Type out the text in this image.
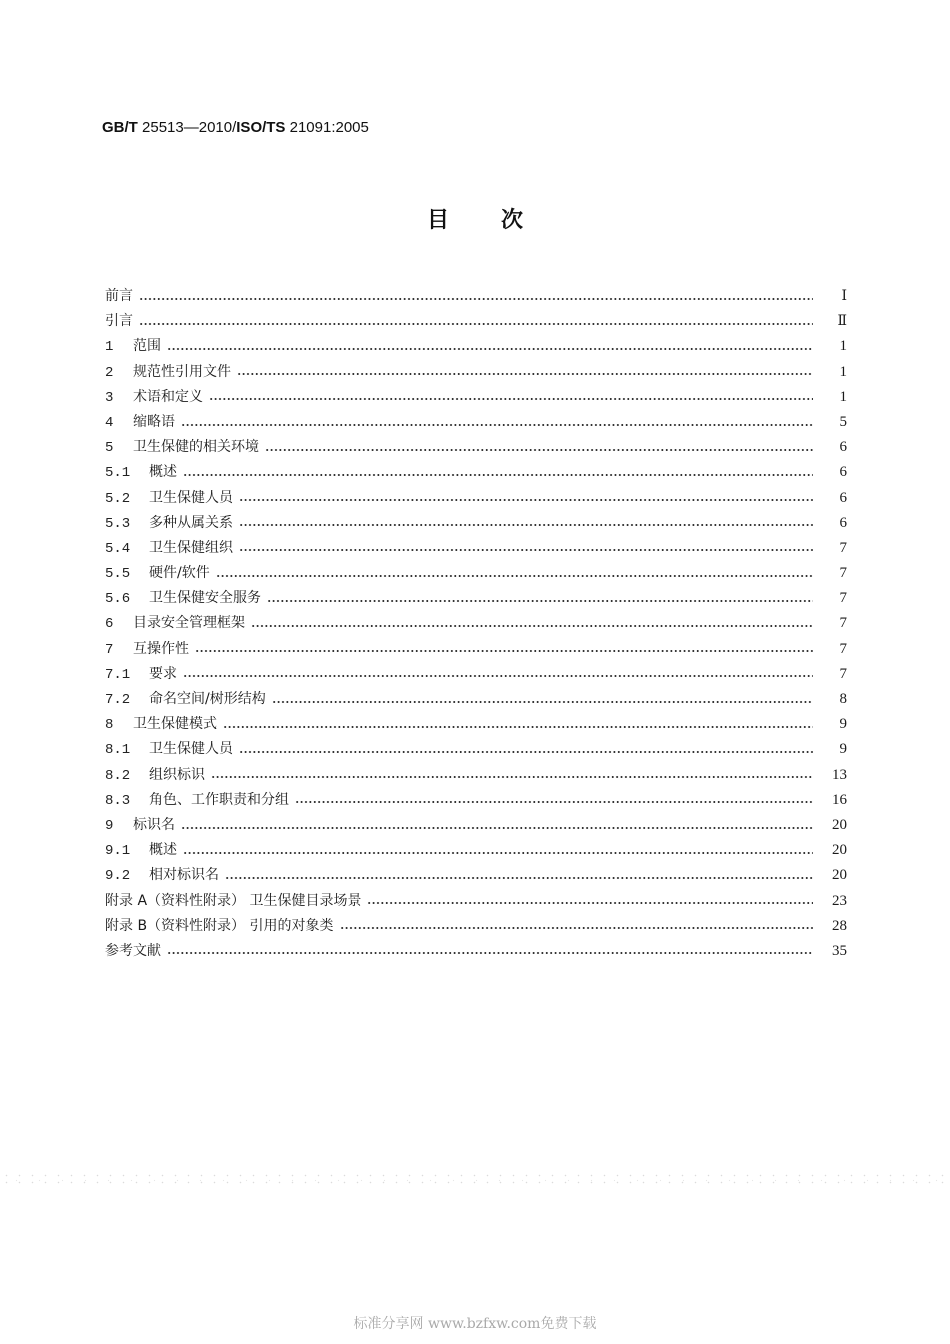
GB/T 25513—2010/ISO/TS 21091:2005
目 次
前言	Ⅰ
引言	Ⅱ
1	范围	1
2	规范性引用文件	1
3	术语和定义	1
4	缩略语	5
5	卫生保健的相关环境	6
5.1	概述	6
5.2	卫生保健人员	6
5.3	多种从属关系	6
5.4	卫生保健组织	7
5.5	硬件/软件	7
5.6	卫生保健安全服务	7
6	目录安全管理框架	7
7	互操作性	7
7.1	要求	7
7.2	命名空间/树形结构	8
8	卫生保健模式	9
8.1	卫生保健人员	9
8.2	组织标识	13
8.3	角色、工作职责和分组	16
9	标识名	20
9.1	概述	20
9.2	相对标识名	20
附录 A（资料性附录） 卫生保健目录场景	23
附录 B（资料性附录） 引用的对象类	28
参考文献	35
标准分享网 www.bzfxw.com免费下载
